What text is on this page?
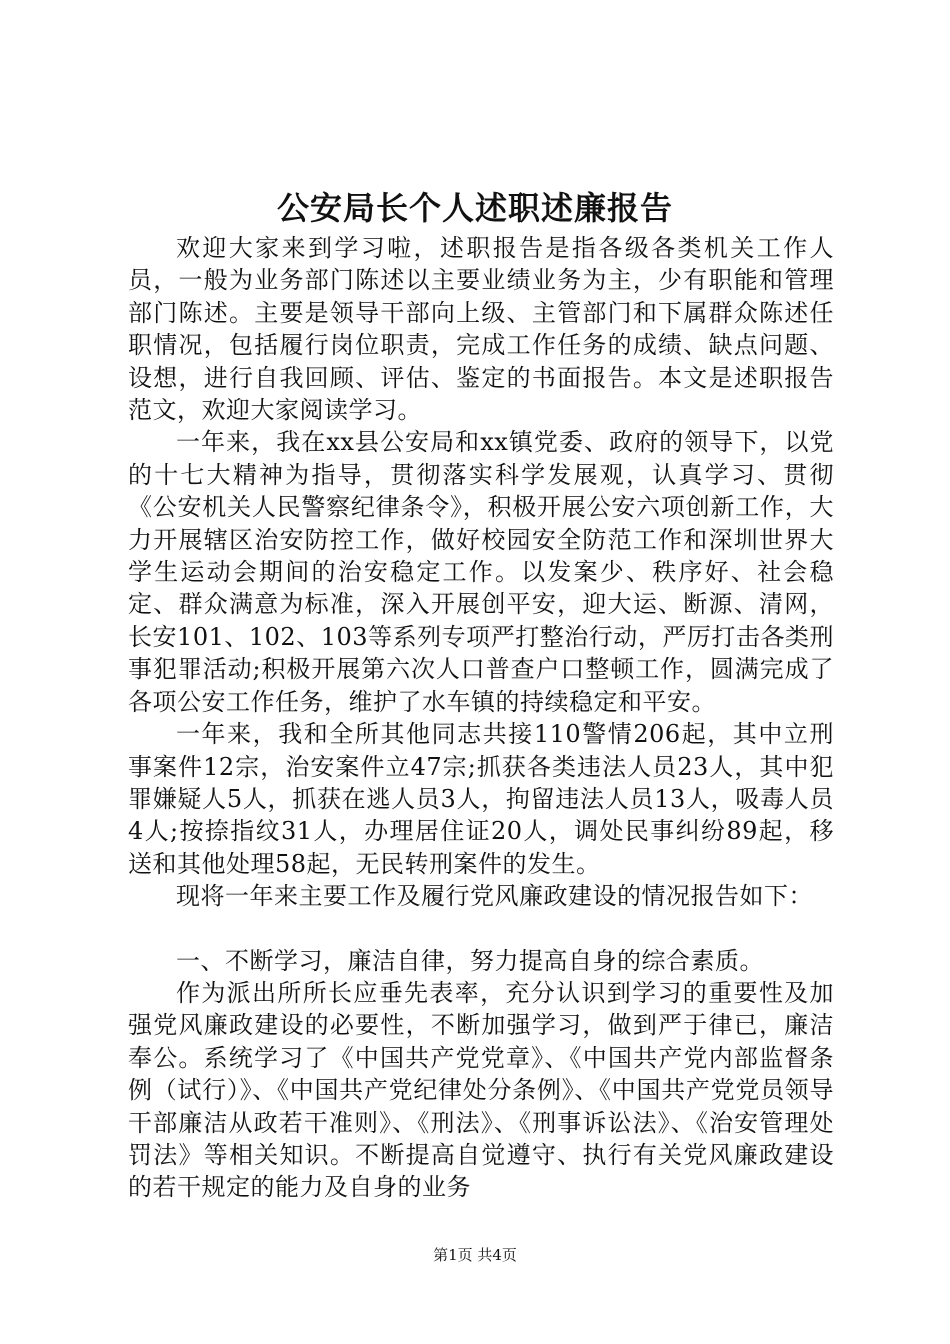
公安局长个人述职述廉报告

欢迎大家来到学习啦，述职报告是指各级各类机关工作人员，一般为业务部门陈述以主要业绩业务为主，少有职能和管理部门陈述。主要是领导干部向上级、主管部门和下属群众陈述任职情况，包括履行岗位职责，完成工作任务的成绩、缺点问题、设想，进行自我回顾、评估、鉴定的书面报告。本文是述职报告范文，欢迎大家阅读学习。

一年来，我在xx县公安局和xx镇党委、政府的领导下，以党的十七大精神为指导，贯彻落实科学发展观，认真学习、贯彻《公安机关人民警察纪律条令》，积极开展公安六项创新工作，大力开展辖区治安防控工作，做好校园安全防范工作和深圳世界大学生运动会期间的治安稳定工作。以发案少、秩序好、社会稳定、群众满意为标准，深入开展创平安，迎大运、断源、清网，长安101、102、103等系列专项严打整治行动，严厉打击各类刑事犯罪活动;积极开展第六次人口普查户口整顿工作，圆满完成了各项公安工作任务，维护了水车镇的持续稳定和平安。

一年来，我和全所其他同志共接110警情206起，其中立刑事案件12宗，治安案件立47宗;抓获各类违法人员23人，其中犯罪嫌疑人5人，抓获在逃人员3人，拘留违法人员13人，吸毒人员4人;按捺指纹31人，办理居住证20人，调处民事纠纷89起，移送和其他处理58起，无民转刑案件的发生。

现将一年来主要工作及履行党风廉政建设的情况报告如下：

一、不断学习，廉洁自律，努力提高自身的综合素质。

作为派出所所长应垂先表率，充分认识到学习的重要性及加强党风廉政建设的必要性，不断加强学习，做到严于律已，廉洁奉公。系统学习了《中国共产党党章》、《中国共产党内部监督条例（试行）》、《中国共产党纪律处分条例》、《中国共产党党员领导干部廉洁从政若干准则》、《刑法》、《刑事诉讼法》、《治安管理处罚法》等相关知识。不断提高自觉遵守、执行有关党风廉政建设的若干规定的能力及自身的业务

第1页 共4页
